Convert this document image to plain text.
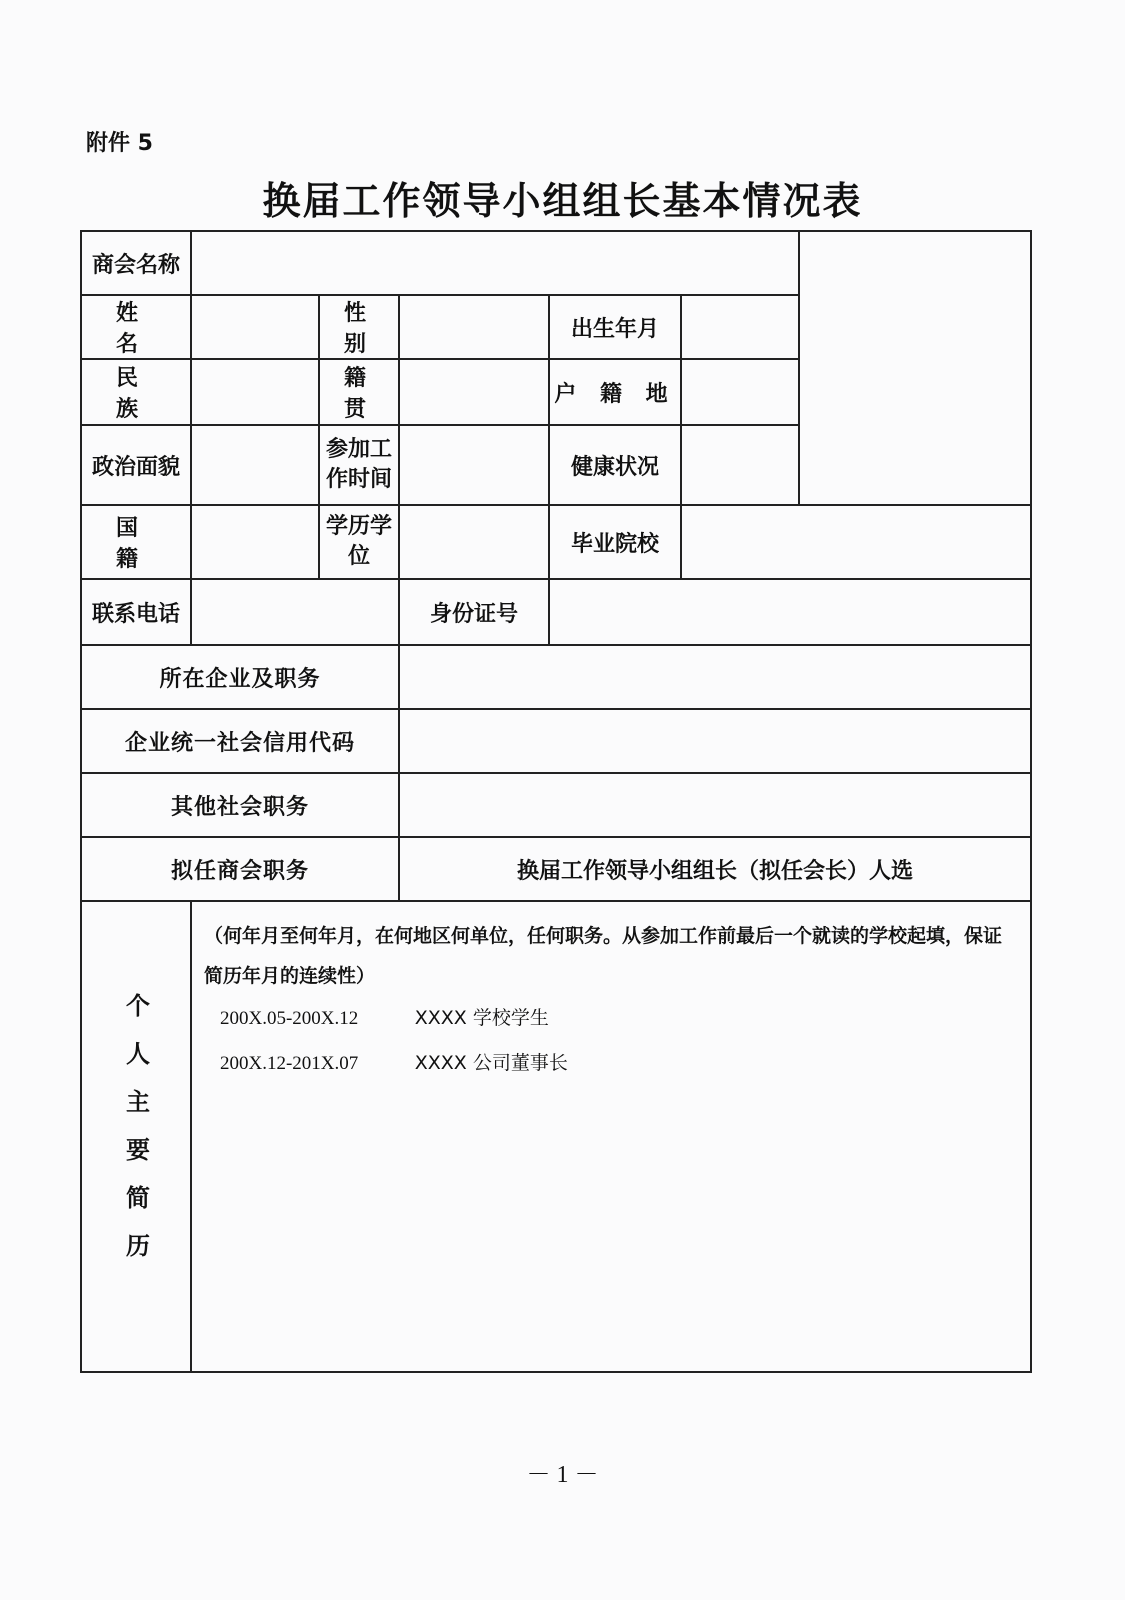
附件 5
换届工作领导小组组长基本情况表
商会名称						
姓 名		性 别		出生年月		
民 族		籍 贯		户 籍 地		
政治面貌		参加工作时间		健康状况		
国 籍		学历学位		毕业院校		
联系电话			身份证号			
所在企业及职务						
企业统一社会信用代码						
其他社会职务						
拟任商会职务			换届工作领导小组组长（拟任会长）人选			

个人主要简历	（何年月至何年月，在何地区何单位，任何职务。从参加工作前最后一个就读的学校起填，保证简历年月的连续性）
200X.05-200X.12 XXXX 学校学生
200X.12-201X.07 XXXX 公司董事长					
－ 1 －
